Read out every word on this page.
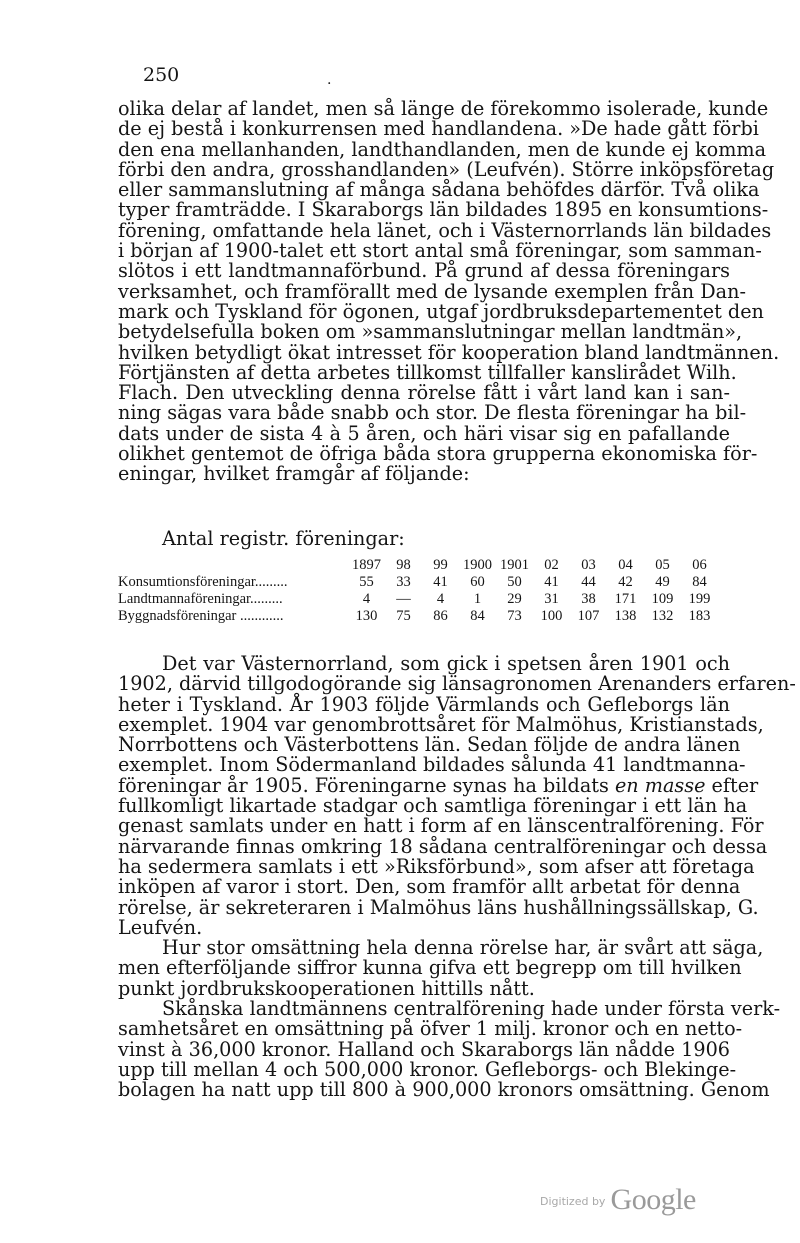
250	.
olika delar af landet, men så länge de förekommo isolerade, kunde
de ej bestå i konkurrensen med handlandena. »De hade gått förbi
den ena mellanhanden, landthandlanden, men de kunde ej komma
förbi den andra, grosshandlanden» (Leufvén). Större inköpsföretag
eller sammanslutning af många sådana behöfdes därför. Två olika
typer framträdde. I Skaraborgs län bildades 1895 en konsumtions-
förening, omfattande hela länet, och i Västernorrlands län bildades
i början af 1900-talet ett stort antal små föreningar, som samman-
slötos i ett landtmannaförbund. På grund af dessa föreningars
verksamhet, och framförallt med de lysande exemplen från Dan-
mark och Tyskland för ögonen, utgaf jordbruksdepartementet den
betydelsefulla boken om »sammanslutningar mellan landtmän»,
hvilken betydligt ökat intresset för kooperation bland landtmännen.
Förtjänsten af detta arbetes tillkomst tillfaller kanslirådet Wilh.
Flach. Den utveckling denna rörelse fått i vårt land kan i san-
ning sägas vara både snabb och stor. De flesta föreningar ha bil-
dats under de sista 4 à 5 åren, och häri visar sig en pafallande
olikhet gentemot de öfriga båda stora grupperna ekonomiska för-
eningar, hvilket framgår af följande:
Antal registr. föreningar:
	1897	98	99	1900	1901	02	03	04	05	06
Konsumtionsföreningar.........	55	33	41	60	50	41	44	42	49	84
Landtmannaföreningar.........	4	—	4	1	29	31	38	171	109	199
Byggnadsföreningar ............	130	75	86	84	73	100	107	138	132	183
Det var Västernorrland, som gick i spetsen åren 1901 och
1902, därvid tillgodogörande sig länsagronomen Arenanders erfaren-
heter i Tyskland. År 1903 följde Värmlands och Gefleborgs län
exemplet. 1904 var genombrottsåret för Malmöhus, Kristianstads,
Norrbottens och Västerbottens län. Sedan följde de andra länen
exemplet. Inom Södermanland bildades sålunda 41 landtmanna-
föreningar år 1905. Föreningarne synas ha bildats en masse efter
fullkomligt likartade stadgar och samtliga föreningar i ett län ha
genast samlats under en hatt i form af en länscentralförening. För
närvarande finnas omkring 18 sådana centralföreningar och dessa
ha sedermera samlats i ett »Riksförbund», som afser att företaga
inköpen af varor i stort. Den, som framför allt arbetat för denna
rörelse, är sekreteraren i Malmöhus läns hushållningssällskap, G.
Leufvén.
Hur stor omsättning hela denna rörelse har, är svårt att säga,
men efterföljande siffror kunna gifva ett begrepp om till hvilken
punkt jordbrukskooperationen hittills nått.
Skånska landtmännens centralförening hade under första verk-
samhetsåret en omsättning på öfver 1 milj. kronor och en netto-
vinst à 36,000 kronor. Halland och Skaraborgs län nådde 1906
upp till mellan 4 och 500,000 kronor. Gefleborgs- och Blekinge-
bolagen ha natt upp till 800 à 900,000 kronors omsättning. Genom
$^{Digitized by}$ Google
